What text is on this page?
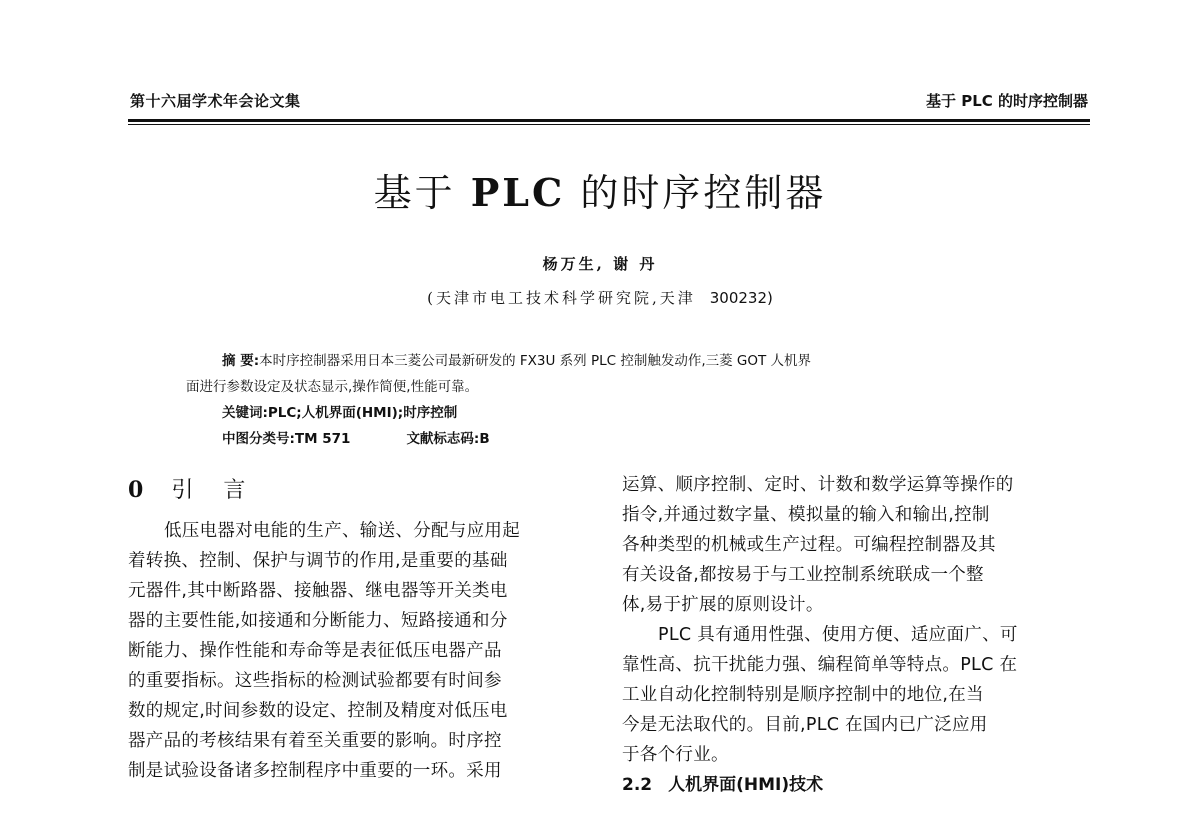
第十六届学术年会论文集	基于 PLC 的时序控制器
基于 PLC 的时序控制器
杨万生, 谢 丹
(天津市电工技术科学研究院,天津 300232)
摘 要:本时序控制器采用日本三菱公司最新研发的 FX3U 系列 PLC 控制触发动作,三菱 GOT 人机界
面进行参数设定及状态显示,操作简便,性能可靠。
关键词:PLC;人机界面(HMI);时序控制
中图分类号:TM 571	文献标志码:B
0 引言
低压电器对电能的生产、输送、分配与应用起
着转换、控制、保护与调节的作用,是重要的基础
元器件,其中断路器、接触器、继电器等开关类电
器的主要性能,如接通和分断能力、短路接通和分
断能力、操作性能和寿命等是表征低压电器产品
的重要指标。这些指标的检测试验都要有时间参
数的规定,时间参数的设定、控制及精度对低压电
器产品的考核结果有着至关重要的影响。时序控
制是试验设备诸多控制程序中重要的一环。采用
运算、顺序控制、定时、计数和数学运算等操作的
指令,并通过数字量、模拟量的输入和输出,控制
各种类型的机械或生产过程。可编程控制器及其
有关设备,都按易于与工业控制系统联成一个整
体,易于扩展的原则设计。
PLC 具有通用性强、使用方便、适应面广、可
靠性高、抗干扰能力强、编程简单等特点。PLC 在
工业自动化控制特别是顺序控制中的地位,在当
今是无法取代的。目前,PLC 在国内已广泛应用
于各个行业。
2.2 人机界面(HMI)技术
